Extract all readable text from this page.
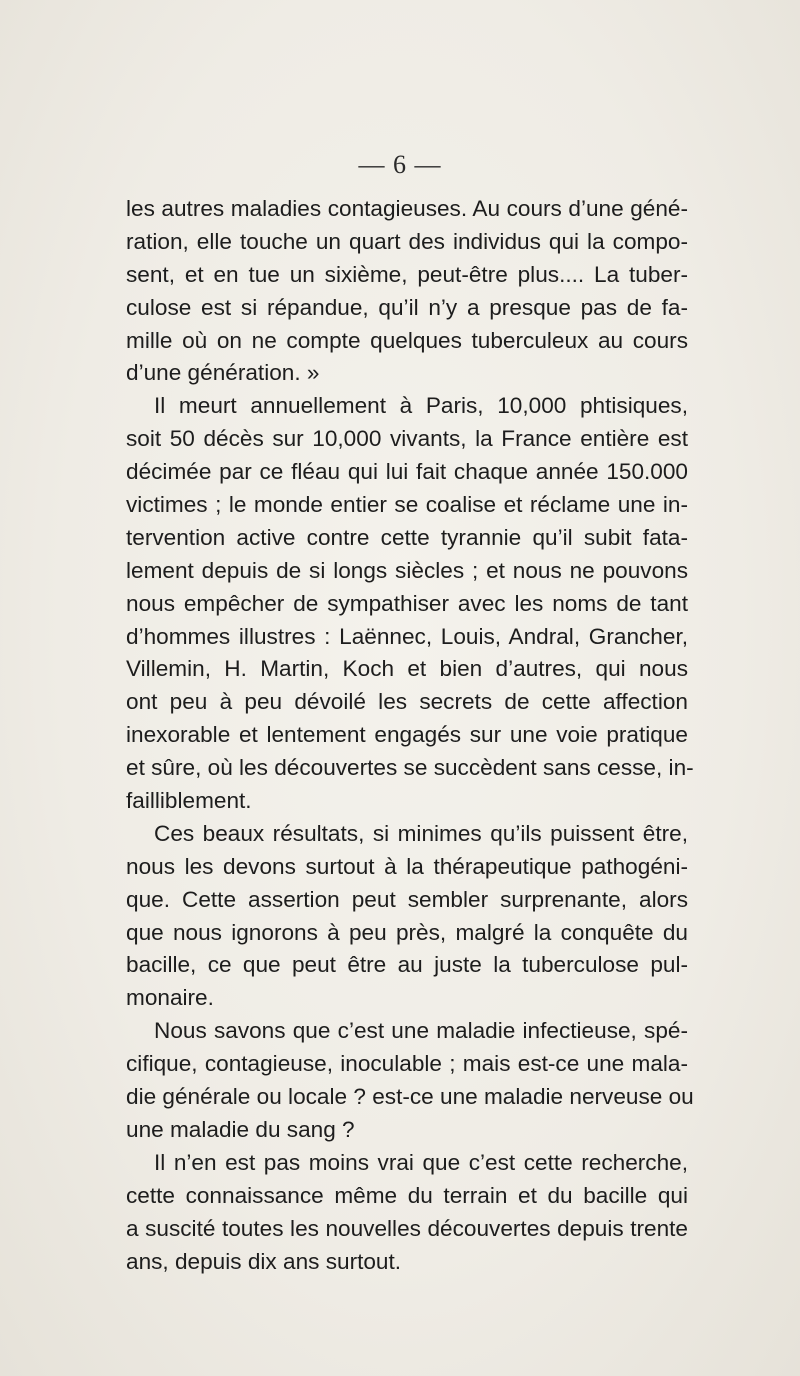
— 6 —
les autres maladies contagieuses. Au cours d’une géné-
ration, elle touche un quart des individus qui la compo-
sent, et en tue un sixième, peut-être plus.... La tuber-
culose est si répandue, qu’il n’y a presque pas de fa-
mille où on ne compte quelques tuberculeux au cours
d’une génération. »
Il meurt annuellement à Paris, 10,000 phtisiques,
soit 50 décès sur 10,000 vivants, la France entière est
décimée par ce fléau qui lui fait chaque année 150.000
victimes ; le monde entier se coalise et réclame une in-
tervention active contre cette tyrannie qu’il subit fata-
lement depuis de si longs siècles ; et nous ne pouvons
nous empêcher de sympathiser avec les noms de tant
d’hommes illustres : Laënnec, Louis, Andral, Grancher,
Villemin, H. Martin, Koch et bien d’autres, qui nous
ont peu à peu dévoilé les secrets de cette affection
inexorable et lentement engagés sur une voie pratique
et sûre, où les découvertes se succèdent sans cesse, in-
failliblement.
Ces beaux résultats, si minimes qu’ils puissent être,
nous les devons surtout à la thérapeutique pathogéni-
que. Cette assertion peut sembler surprenante, alors
que nous ignorons à peu près, malgré la conquête du
bacille, ce que peut être au juste la tuberculose pul-
monaire.
Nous savons que c’est une maladie infectieuse, spé-
cifique, contagieuse, inoculable ; mais est-ce une mala-
die générale ou locale ? est-ce une maladie nerveuse ou
une maladie du sang ?
Il n’en est pas moins vrai que c’est cette recherche,
cette connaissance même du terrain et du bacille qui
a suscité toutes les nouvelles découvertes depuis trente
ans, depuis dix ans surtout.
